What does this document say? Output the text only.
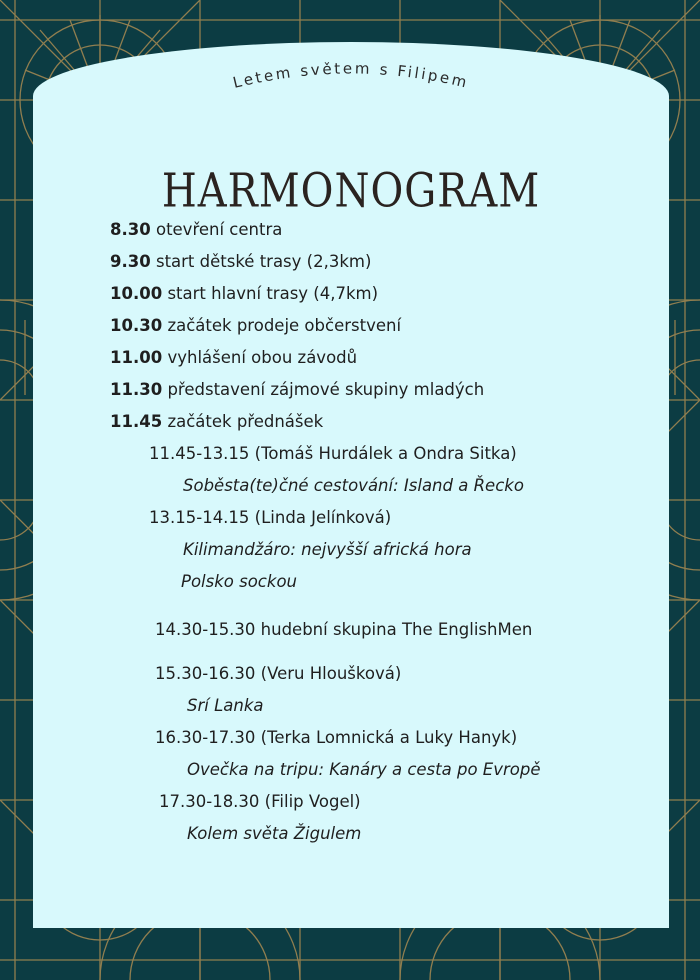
Letem světem s Filipem
HARMONOGRAM
8.30 otevření centra
9.30 start dětské trasy (2,3km)
10.00 start hlavní trasy (4,7km)
10.30 začátek prodeje občerstvení
11.00 vyhlášení obou závodů
11.30 představení zájmové skupiny mladých
11.45 začátek přednášek
11.45-13.15 (Tomáš Hurdálek a Ondra Sitka)
Soběsta(te)čné cestování: Island a Řecko
13.15-14.15 (Linda Jelínková)
Kilimandžáro: nejvyšší africká hora
Polsko sockou
14.30-15.30 hudební skupina The EnglishMen
15.30-16.30 (Veru Hloušková)
Srí Lanka
16.30-17.30 (Terka Lomnická a Luky Hanyk)
Ovečka na tripu: Kanáry a cesta po Evropě
17.30-18.30 (Filip Vogel)
Kolem světa Žigulem
